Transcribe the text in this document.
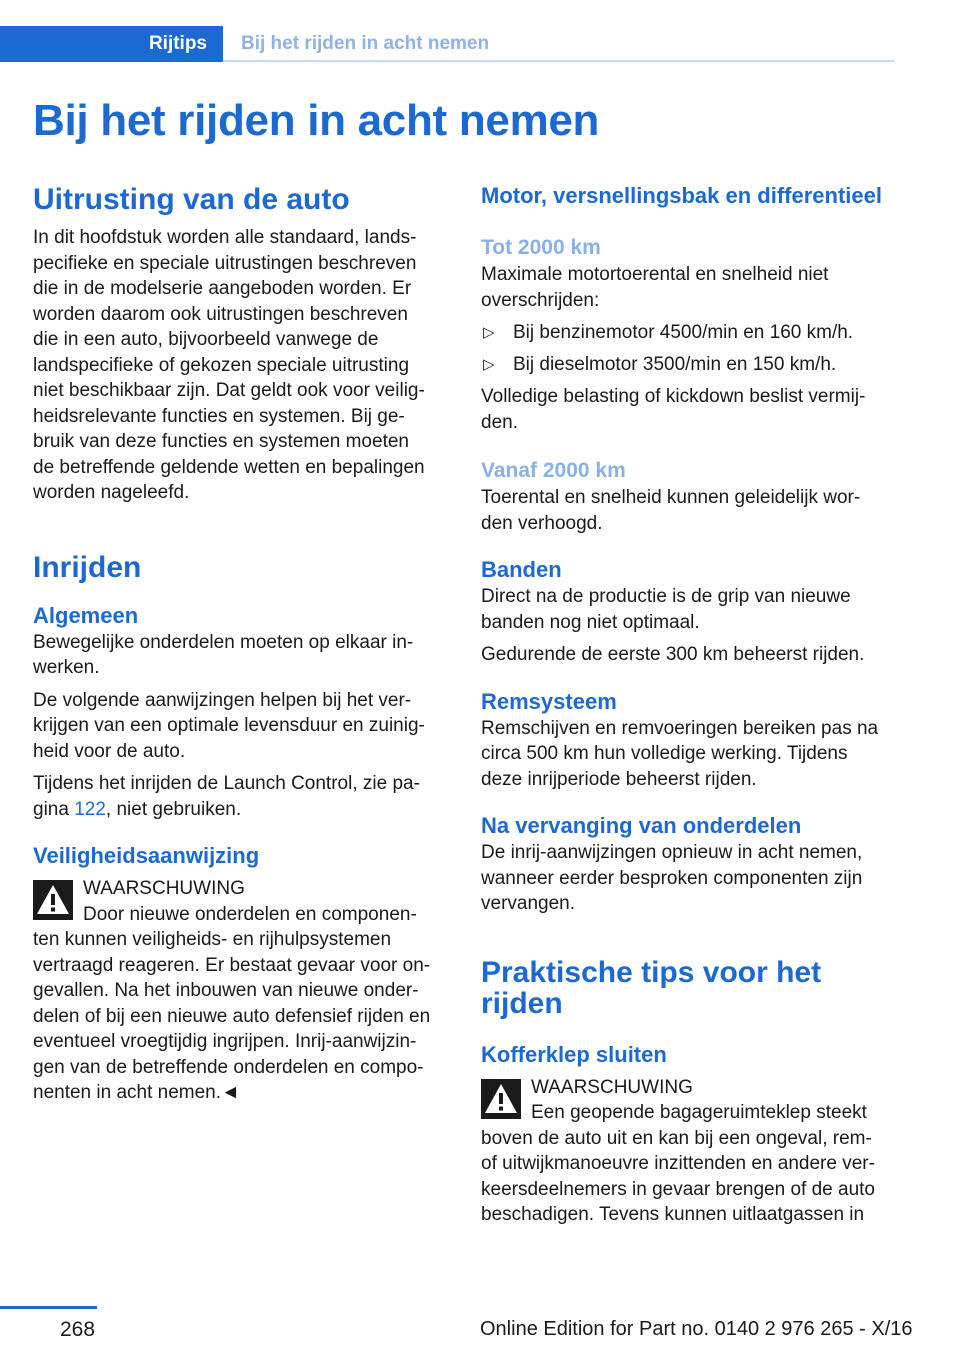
Rijtips	Bij het rijden in acht nemen
Bij het rijden in acht nemen
Uitrusting van de auto

In dit hoofdstuk worden alle standaard, lands-

pecifieke en speciale uitrustingen beschreven

die in de modelserie aangeboden worden. Er

worden daarom ook uitrustingen beschreven

die in een auto, bijvoorbeeld vanwege de

landspecifieke of gekozen speciale uitrusting

niet beschikbaar zijn. Dat geldt ook voor veilig-

heidsrelevante functies en systemen. Bij ge-

bruik van deze functies en systemen moeten

de betreffende geldende wetten en bepalingen

worden nageleefd.

Inrijden
Algemeen

Bewegelijke onderdelen moeten op elkaar in-

werken.

De volgende aanwijzingen helpen bij het ver-

krijgen van een optimale levensduur en zuinig-

heid voor de auto.

Tijdens het inrijden de Launch Control, zie pa-

gina 122, niet gebruiken.

Veiligheidsaanwijzing

WAARSCHUWING

Door nieuwe onderdelen en componen-

ten kunnen veiligheids- en rijhulpsystemen

vertraagd reageren. Er bestaat gevaar voor on-

gevallen. Na het inbouwen van nieuwe onder-

delen of bij een nieuwe auto defensief rijden en

eventueel vroegtijdig ingrijpen. Inrij-aanwijzin-

gen van de betreffende onderdelen en compo-

nenten in acht nemen.◄

Motor, versnellingsbak en differentieel
Tot 2000 km

Maximale motortoerental en snelheid niet

overschrijden:

▷ Bij benzinemotor 4500/min en 160 km/h.

▷ Bij dieselmotor 3500/min en 150 km/h.

Volledige belasting of kickdown beslist vermij-

den.

Vanaf 2000 km

Toerental en snelheid kunnen geleidelijk wor-

den verhoogd.

Banden

Direct na de productie is de grip van nieuwe

banden nog niet optimaal.

Gedurende de eerste 300 km beheerst rijden.

Remsysteem

Remschijven en remvoeringen bereiken pas na

circa 500 km hun volledige werking. Tijdens

deze inrijperiode beheerst rijden.

Na vervanging van onderdelen

De inrij-aanwijzingen opnieuw in acht nemen,

wanneer eerder besproken componenten zijn

vervangen.

Praktische tips voor het
rijden
Kofferklep sluiten

WAARSCHUWING

Een geopende bagageruimteklep steekt

boven de auto uit en kan bij een ongeval, rem-

of uitwijkmanoeuvre inzittenden en andere ver-

keersdeelnemers in gevaar brengen of de auto

beschadigen. Tevens kunnen uitlaatgassen in

268	Online Edition for Part no. 0140 2 976 265 - X/16
